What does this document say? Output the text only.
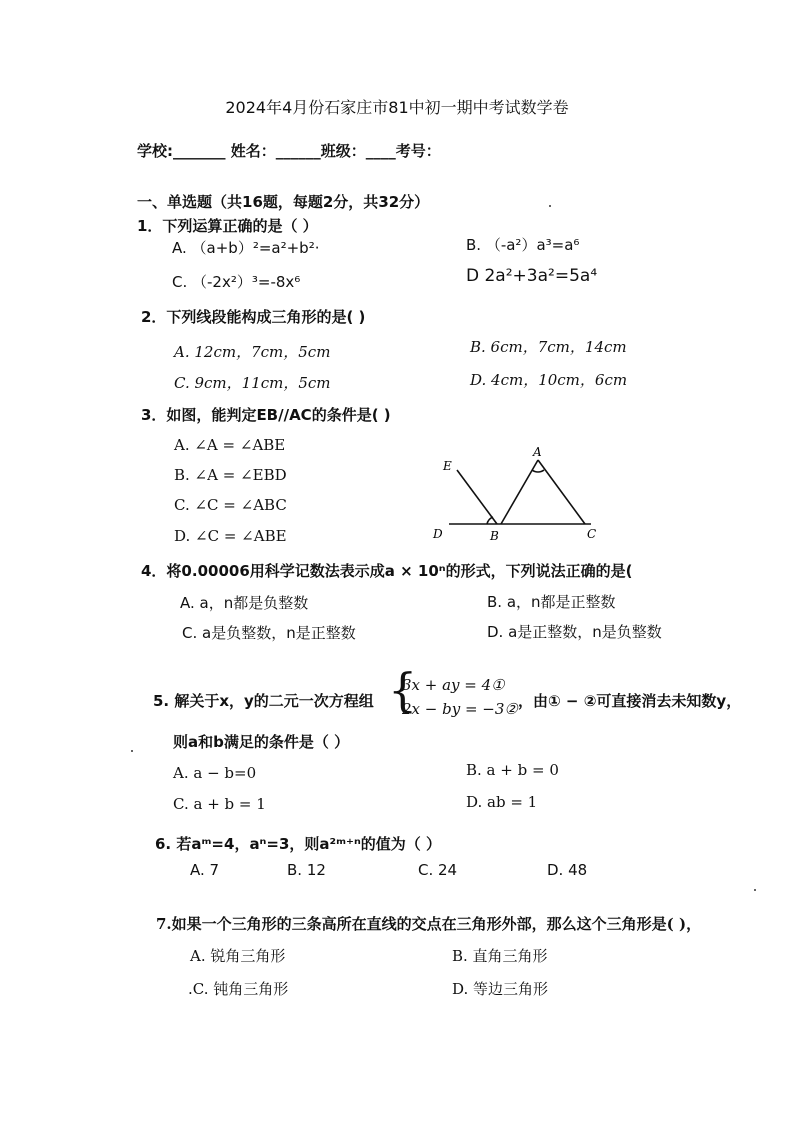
2024年4月份石家庄市81中初一期中考试数学卷
学校:_______ 姓名：______班级：____考号：
一、单选题（共16题，每题2分，共32分）
1．下列运算正确的是（ ）
A. （a+b）²=a²+b²·	B. （-a²）a³=a⁶
C. （-2x²）³=-8x⁶	D 2a²+3a²=5a⁴
2．下列线段能构成三角形的是( )
A. 12cm，7cm，5cm	B. 6cm，7cm，14cm
C. 9cm，11cm，5cm	D. 4cm，10cm，6cm
3．如图，能判定EB//AC的条件是( )
A. ∠A = ∠ABE
B. ∠A = ∠EBD
C. ∠C = ∠ABC
D. ∠C = ∠ABE
E
A
D	B	C
4．将0.00006用科学记数法表示成a × 10ⁿ的形式，下列说法正确的是(
A. a，n都是负整数	B. a，n都是正整数
C. a是负整数，n是正整数	D. a是正整数，n是负整数
5. 解关于x，y的二元一次方程组 {
3x + ay = 4①
2x − by = −3② ，由① − ②可直接消去未知数y，
则a和b满足的条件是（ ）
A. a − b=0	B. a + b = 0
C. a + b = 1	D. ab = 1
6. 若aᵐ=4，aⁿ=3，则a²ᵐ⁺ⁿ的值为（ ）
A. 7	B. 12	C. 24	D. 48
7.如果一个三角形的三条高所在直线的交点在三角形外部，那么这个三角形是( )，
A. 锐角三角形	B. 直角三角形
.C. 钝角三角形	D. 等边三角形
